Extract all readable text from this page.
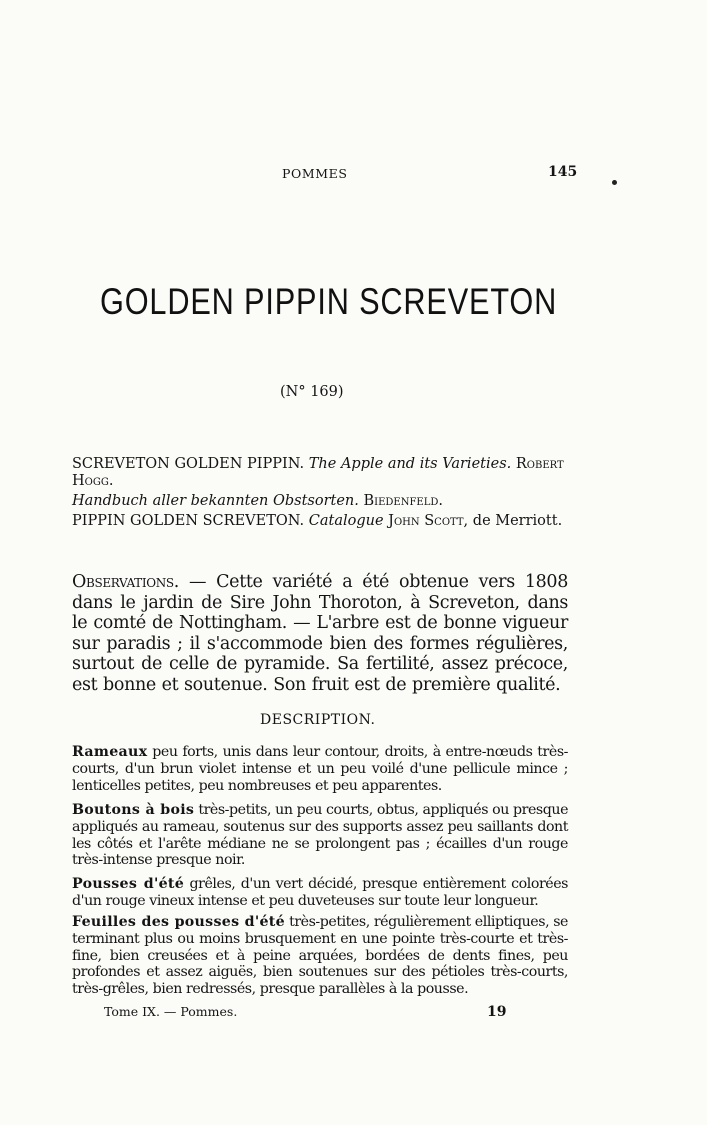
POMMES	145
GOLDEN PIPPIN SCREVETON
(N° 169)
SCREVETON GOLDEN PIPPIN. The Apple and its Varieties. Robert
Hogg.
Handbuch aller bekannten Obstsorten. Biedenfeld.
PIPPIN GOLDEN SCREVETON. Catalogue John Scott, de Merriott.
Observations. — Cette variété a été obtenue vers 1808 dans le jardin de Sire John Thoroton, à Screveton, dans le comté de Nottingham. — L'arbre est de bonne vigueur sur paradis ; il s'accommode bien des formes régulières, surtout de celle de pyramide. Sa fertilité, assez précoce, est bonne et soutenue. Son fruit est de première qualité.
DESCRIPTION.
Rameaux peu forts, unis dans leur contour, droits, à entre-nœuds très-courts, d'un brun violet intense et un peu voilé d'une pellicule mince ; lenticelles petites, peu nombreuses et peu apparentes.
Boutons à bois très-petits, un peu courts, obtus, appliqués ou presque appliqués au rameau, soutenus sur des supports assez peu saillants dont les côtés et l'arête médiane ne se prolongent pas ; écailles d'un rouge très-intense presque noir.
Pousses d'été grêles, d'un vert décidé, presque entièrement colorées d'un rouge vineux intense et peu duveteuses sur toute leur longueur.
Feuilles des pousses d'été très-petites, régulièrement elliptiques, se terminant plus ou moins brusquement en une pointe très-courte et très-fine, bien creusées et à peine arquées, bordées de dents fines, peu profondes et assez aiguës, bien soutenues sur des pétioles très-courts, très-grêles, bien redressés, presque parallèles à la pousse.
Tome IX. — Pommes.	19
